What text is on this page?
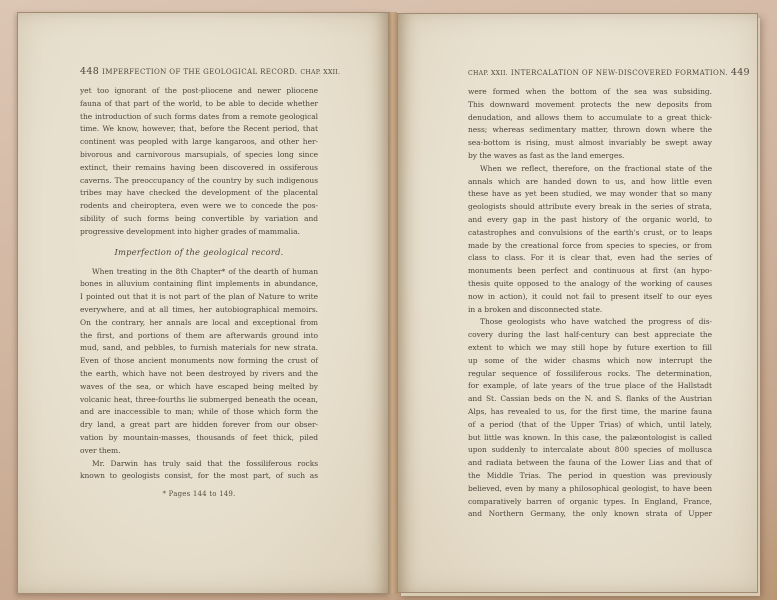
448 IMPERFECTION OF THE GEOLOGICAL RECORD. CHAP. XXII.
yet too ignorant of the post-pliocene and newer pliocene
fauna of that part of the world, to be able to decide whether
the introduction of such forms dates from a remote geological
time. We know, however, that, before the Recent period, that
continent was peopled with large kangaroos, and other her-
bivorous and carnivorous marsupials, of species long since
extinct, their remains having been discovered in ossiferous
caverns. The preoccupancy of the country by such indigenous
tribes may have checked the development of the placental
rodents and cheiroptera, even were we to concede the pos-
sibility of such forms being convertible by variation and
progressive development into higher grades of mammalia.
Imperfection of the geological record.
When treating in the 8th Chapter* of the dearth of human
bones in alluvium containing flint implements in abundance,
I pointed out that it is not part of the plan of Nature to write
everywhere, and at all times, her autobiographical memoirs.
On the contrary, her annals are local and exceptional from
the first, and portions of them are afterwards ground into
mud, sand, and pebbles, to furnish materials for new strata.
Even of those ancient monuments now forming the crust of
the earth, which have not been destroyed by rivers and the
waves of the sea, or which have escaped being melted by
volcanic heat, three-fourths lie submerged beneath the ocean,
and are inaccessible to man; while of those which form the
dry land, a great part are hidden forever from our obser-
vation by mountain-masses, thousands of feet thick, piled
over them.
Mr. Darwin has truly said that the fossiliferous rocks
known to geologists consist, for the most part, of such as
* Pages 144 to 149.
CHAP. XXII. INTERCALATION OF NEW-DISCOVERED FORMATION. 449
were formed when the bottom of the sea was subsiding.
This downward movement protects the new deposits from
denudation, and allows them to accumulate to a great thick-
ness; whereas sedimentary matter, thrown down where the
sea-bottom is rising, must almost invariably be swept away
by the waves as fast as the land emerges.
When we reflect, therefore, on the fractional state of the
annals which are handed down to us, and how little even
these have as yet been studied, we may wonder that so many
geologists should attribute every break in the series of strata,
and every gap in the past history of the organic world, to
catastrophes and convulsions of the earth's crust, or to leaps
made by the creational force from species to species, or from
class to class. For it is clear that, even had the series of
monuments been perfect and continuous at first (an hypo-
thesis quite opposed to the analogy of the working of causes
now in action), it could not fail to present itself to our eyes
in a broken and disconnected state.
Those geologists who have watched the progress of dis-
covery during the last half-century can best appreciate the
extent to which we may still hope by future exertion to fill
up some of the wider chasms which now interrupt the
regular sequence of fossiliferous rocks. The determination,
for example, of late years of the true place of the Hallstadt
and St. Cassian beds on the N. and S. flanks of the Austrian
Alps, has revealed to us, for the first time, the marine fauna
of a period (that of the Upper Trias) of which, until lately,
but little was known. In this case, the palæontologist is called
upon suddenly to intercalate about 800 species of mollusca
and radiata between the fauna of the Lower Lias and that of
the Middle Trias. The period in question was previously
believed, even by many a philosophical geologist, to have been
comparatively barren of organic types. In England, France,
and Northern Germany, the only known strata of Upper
